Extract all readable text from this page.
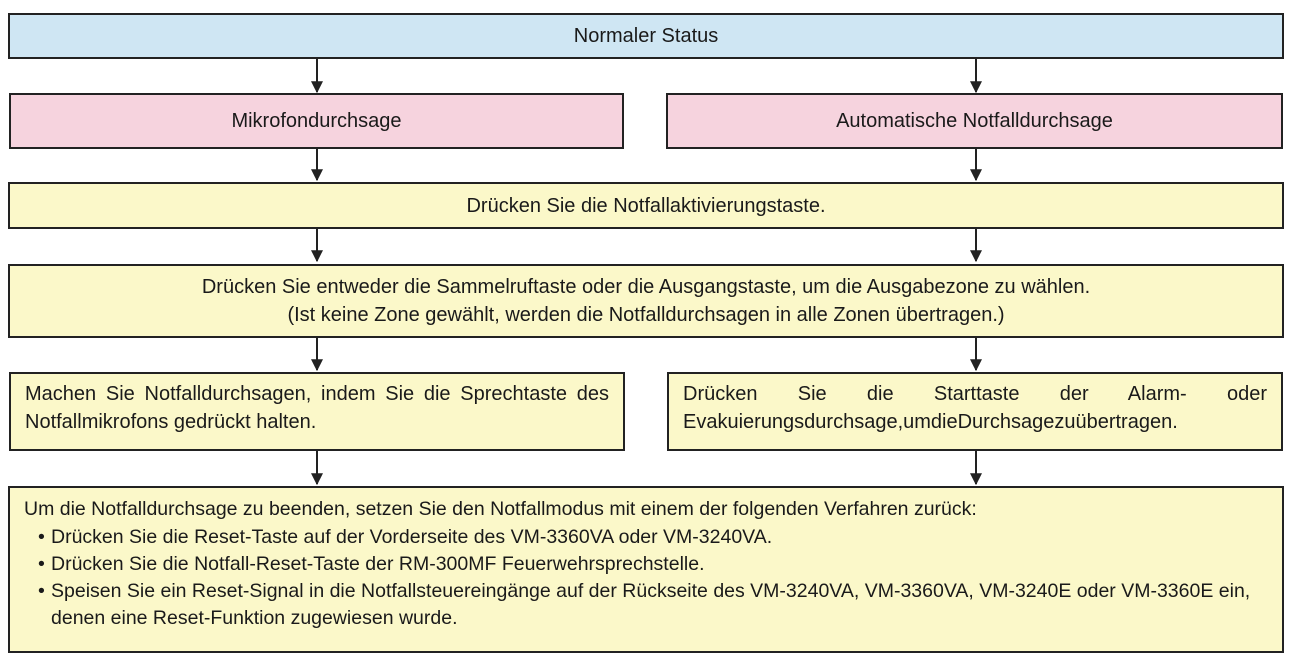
Normaler Status
Mikrofondurchsage	Automatische Notfalldurchsage
Drücken Sie die Notfallaktivierungstaste.
Drücken Sie entweder die Sammelruftaste oder die Ausgangstaste, um die Ausgabezone zu wählen.
(Ist keine Zone gewählt, werden die Notfalldurchsagen in alle Zonen übertragen.)
Machen Sie Notfalldurchsagen, indem Sie die Sprechtaste des Notfallmikrofons gedrückt halten.
Drücken Sie die Starttaste der Alarm- oder Evakuierungsdurchsage,umdieDurchsagezuübertragen.
Um die Notfalldurchsage zu beenden, setzen Sie den Notfallmodus mit einem der folgenden Verfahren zurück:
• Drücken Sie die Reset-Taste auf der Vorderseite des VM-3360VA oder VM-3240VA.
• Drücken Sie die Notfall-Reset-Taste der RM-300MF Feuerwehrsprechstelle.
• Speisen Sie ein Reset-Signal in die Notfallsteuereingänge auf der Rückseite des VM-3240VA, VM-3360VA, VM-3240E oder VM-3360E ein, denen eine Reset-Funktion zugewiesen wurde.
